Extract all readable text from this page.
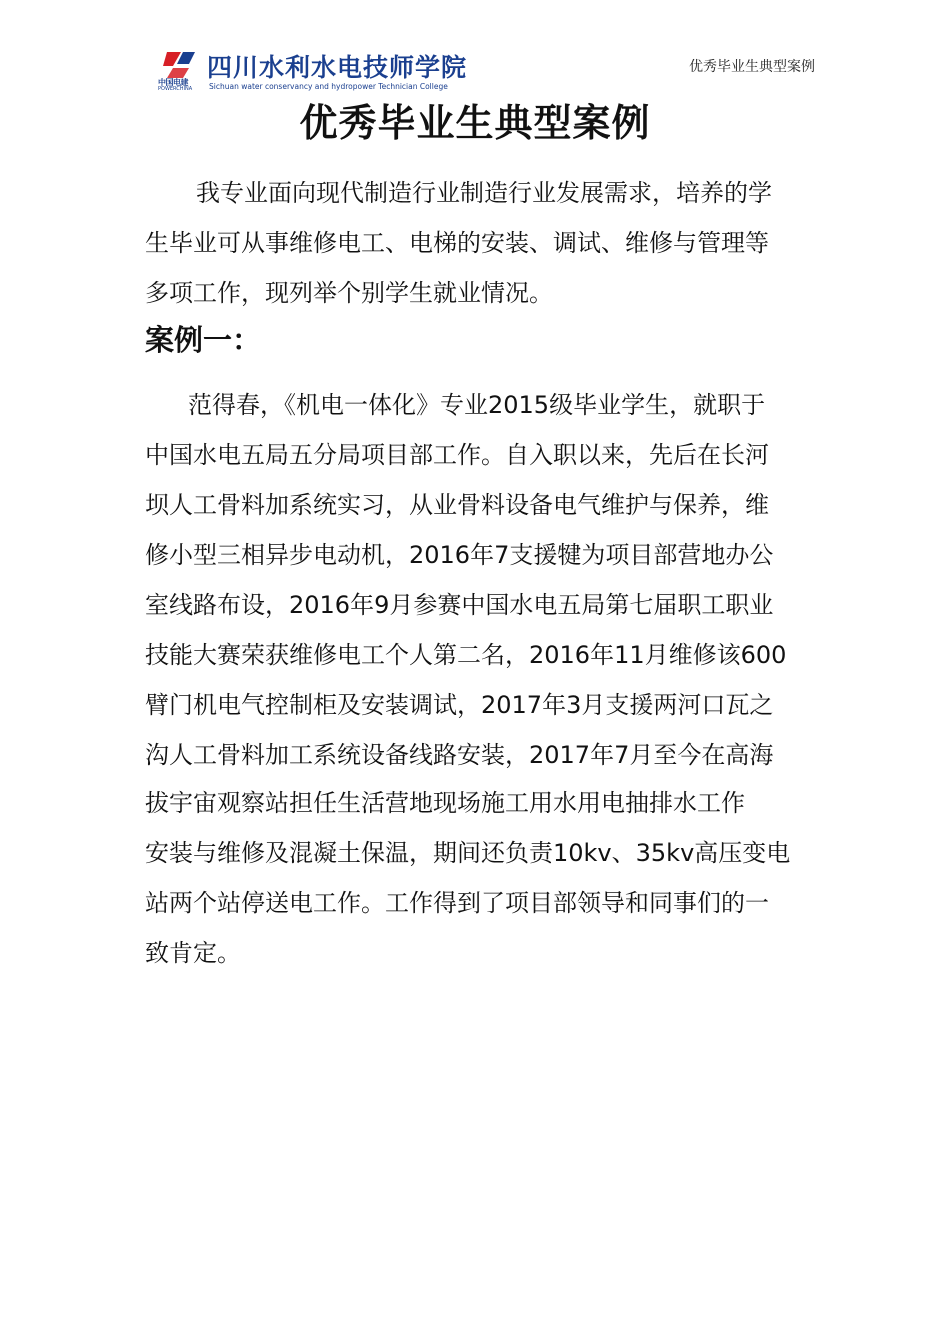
中国电建
POWERCHINA
四川水利水电技师学院
Sichuan water conservancy and hydropower Technician College
优秀毕业生典型案例
优秀毕业生典型案例
我专业面向现代制造行业制造行业发展需求，培养的学
生毕业可从事维修电工、电梯的安装、调试、维修与管理等
多项工作，现列举个别学生就业情况。
案例一：
范得春，《机电一体化》专业2015级毕业学生，就职于
中国水电五局五分局项目部工作。自入职以来，先后在长河
坝人工骨料加系统实习，从业骨料设备电气维护与保养，维
修小型三相异步电动机，2016年7支援犍为项目部营地办公
室线路布设，2016年9月参赛中国水电五局第七届职工职业
技能大赛荣获维修电工个人第二名，2016年11月维修该600
臂门机电气控制柜及安装调试，2017年3月支援两河口瓦之
沟人工骨料加工系统设备线路安装，2017年7月至今在高海
拔宇宙观察站担任生活营地现场施工用水用电抽排水工作
安装与维修及混凝土保温，期间还负责10kv、35kv高压变电
站两个站停送电工作。工作得到了项目部领导和同事们的一
致肯定。
